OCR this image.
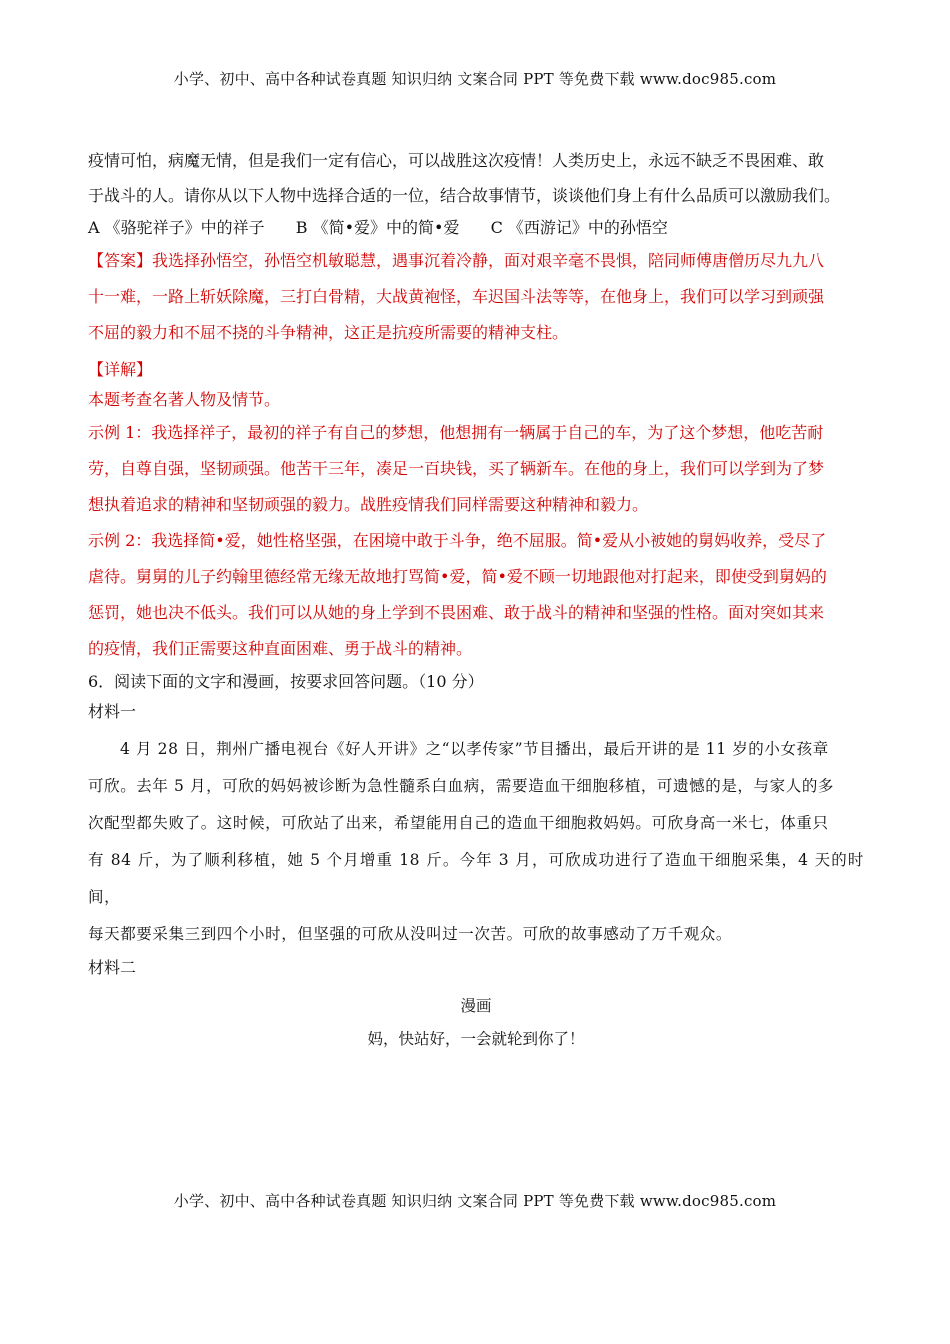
小学、初中、高中各种试卷真题 知识归纳 文案合同 PPT 等免费下载 www.doc985.com

疫情可怕，病魔无情，但是我们一定有信心，可以战胜这次疫情！人类历史上，永远不缺乏不畏困难、敢

于战斗的人。请你从以下人物中选择合适的一位，结合故事情节，谈谈他们身上有什么品质可以激励我们。

A 《骆驼祥子》中的祥子 B 《简•爱》中的简•爱 C 《西游记》中的孙悟空

【答案】我选择孙悟空，孙悟空机敏聪慧，遇事沉着冷静，面对艰辛毫不畏惧，陪同师傅唐僧历尽九九八

十一难，一路上斩妖除魔，三打白骨精，大战黄袍怪，车迟国斗法等等，在他身上，我们可以学习到顽强

不屈的毅力和不屈不挠的斗争精神，这正是抗疫所需要的精神支柱。

【详解】

本题考查名著人物及情节。

示例 1：我选择祥子，最初的祥子有自己的梦想，他想拥有一辆属于自己的车，为了这个梦想，他吃苦耐

劳，自尊自强，坚韧顽强。他苦干三年，凑足一百块钱，买了辆新车。在他的身上，我们可以学到为了梦

想执着追求的精神和坚韧顽强的毅力。战胜疫情我们同样需要这种精神和毅力。

示例 2：我选择简•爱，她性格坚强，在困境中敢于斗争，绝不屈服。简•爱从小被她的舅妈收养，受尽了

虐待。舅舅的儿子约翰里德经常无缘无故地打骂简•爱，简•爱不顾一切地跟他对打起来，即使受到舅妈的

惩罚，她也决不低头。我们可以从她的身上学到不畏困难、敢于战斗的精神和坚强的性格。面对突如其来

的疫情，我们正需要这种直面困难、勇于战斗的精神。

6．阅读下面的文字和漫画，按要求回答问题。（10 分）

材料一

4 月 28 日，荆州广播电视台《好人开讲》之“以孝传家”节目播出，最后开讲的是 11 岁的小女孩章

可欣。去年 5 月，可欣的妈妈被诊断为急性髓系白血病，需要造血干细胞移植，可遗憾的是，与家人的多

次配型都失败了。这时候，可欣站了出来，希望能用自己的造血干细胞救妈妈。可欣身高一米七，体重只

有 84 斤，为了顺利移植，她 5 个月增重 18 斤。今年 3 月，可欣成功进行了造血干细胞采集，4 天的时间，

每天都要采集三到四个小时，但坚强的可欣从没叫过一次苦。可欣的故事感动了万千观众。

材料二

漫画

妈，快站好，一会就轮到你了！

小学、初中、高中各种试卷真题 知识归纳 文案合同 PPT 等免费下载 www.doc985.com
